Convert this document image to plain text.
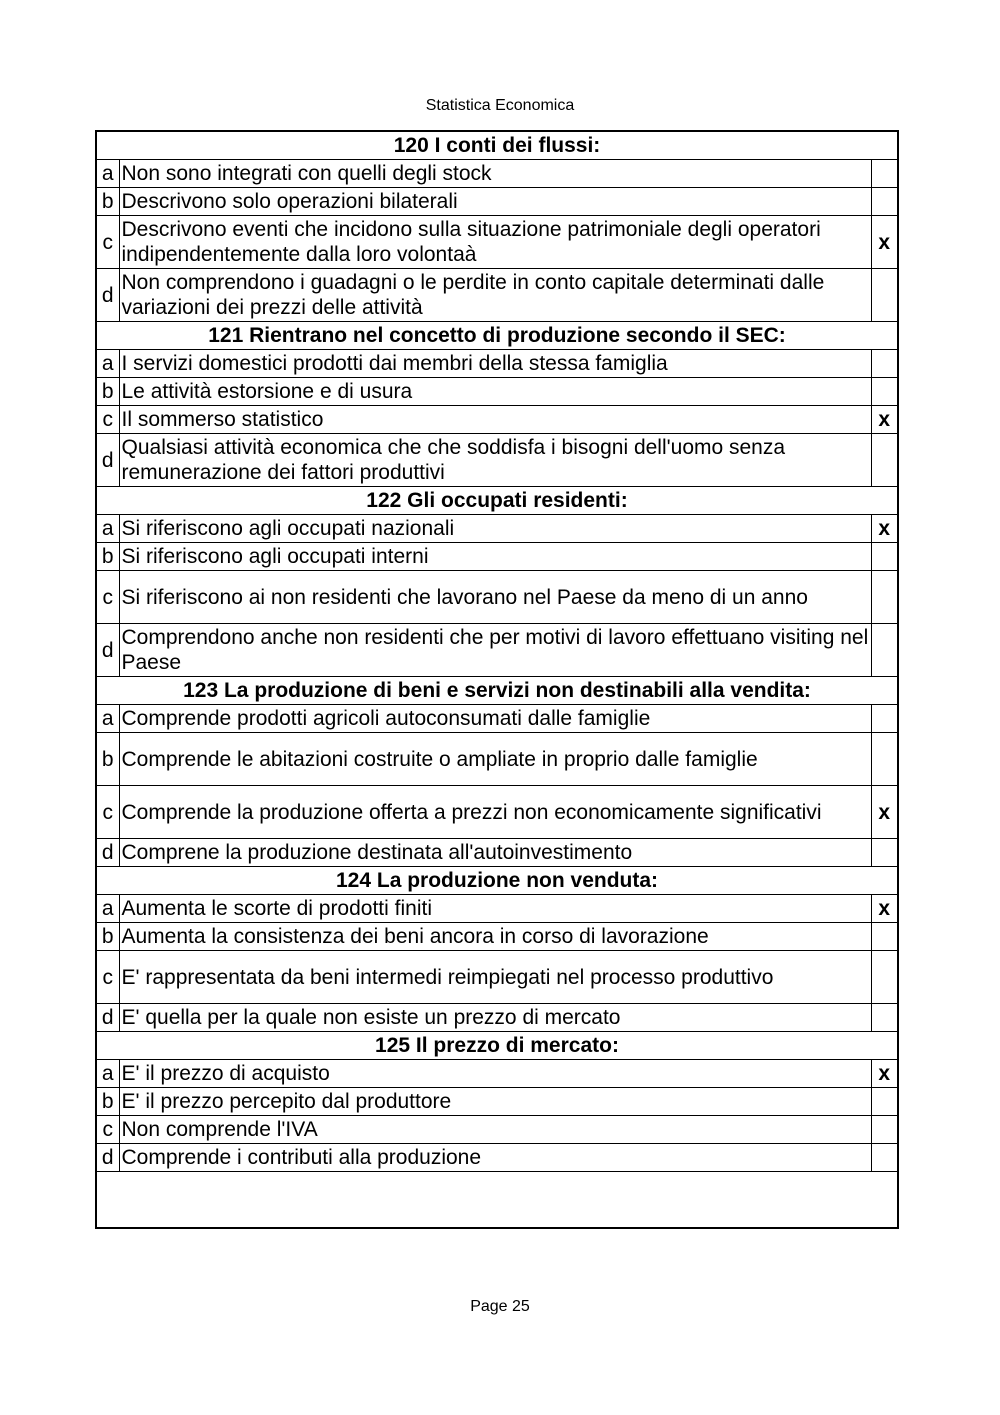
Statistica Economica
120 I conti dei flussi:		
a	Non sono integrati con quelli degli stock	
b	Descrivono solo operazioni bilaterali	
c	Descrivono eventi che incidono sulla situazione patrimoniale degli operatori indipendentemente dalla loro volontaà	x
d	Non comprendono i guadagni o le perdite in conto capitale determinati dalle variazioni dei prezzi delle attività	
121 Rientrano nel concetto di produzione secondo il SEC:		
a	I servizi domestici prodotti dai membri della stessa famiglia	
b	Le attività estorsione e di usura	
c	Il sommerso statistico	x
d	Qualsiasi attività economica che che soddisfa i bisogni dell'uomo senza remunerazione dei fattori produttivi	
122 Gli occupati residenti:		
a	Si riferiscono agli occupati nazionali	x
b	Si riferiscono agli occupati interni	
c	Si riferiscono ai non residenti che lavorano nel Paese da meno di un anno	
d	Comprendono anche non residenti che per motivi di lavoro effettuano visiting nel Paese	
123 La produzione di beni e servizi non destinabili alla vendita:		
a	Comprende prodotti agricoli autoconsumati dalle famiglie	
b	Comprende le abitazioni costruite o ampliate in proprio dalle famiglie	
c	Comprende la produzione offerta a prezzi non economicamente significativi	x
d	Comprene la produzione destinata all'autoinvestimento	
124 La produzione non venduta:		
a	Aumenta le scorte di prodotti finiti	x
b	Aumenta la consistenza dei beni ancora in corso di lavorazione	
c	E' rappresentata da beni intermedi reimpiegati nel processo produttivo	
d	E' quella per la quale non esiste un prezzo di mercato	
125 Il prezzo di mercato:		
a	E' il prezzo di acquisto	x
b	E' il prezzo percepito dal produttore	
c	Non comprende l'IVA	
d	Comprende i contributi alla produzione	

Page 25
